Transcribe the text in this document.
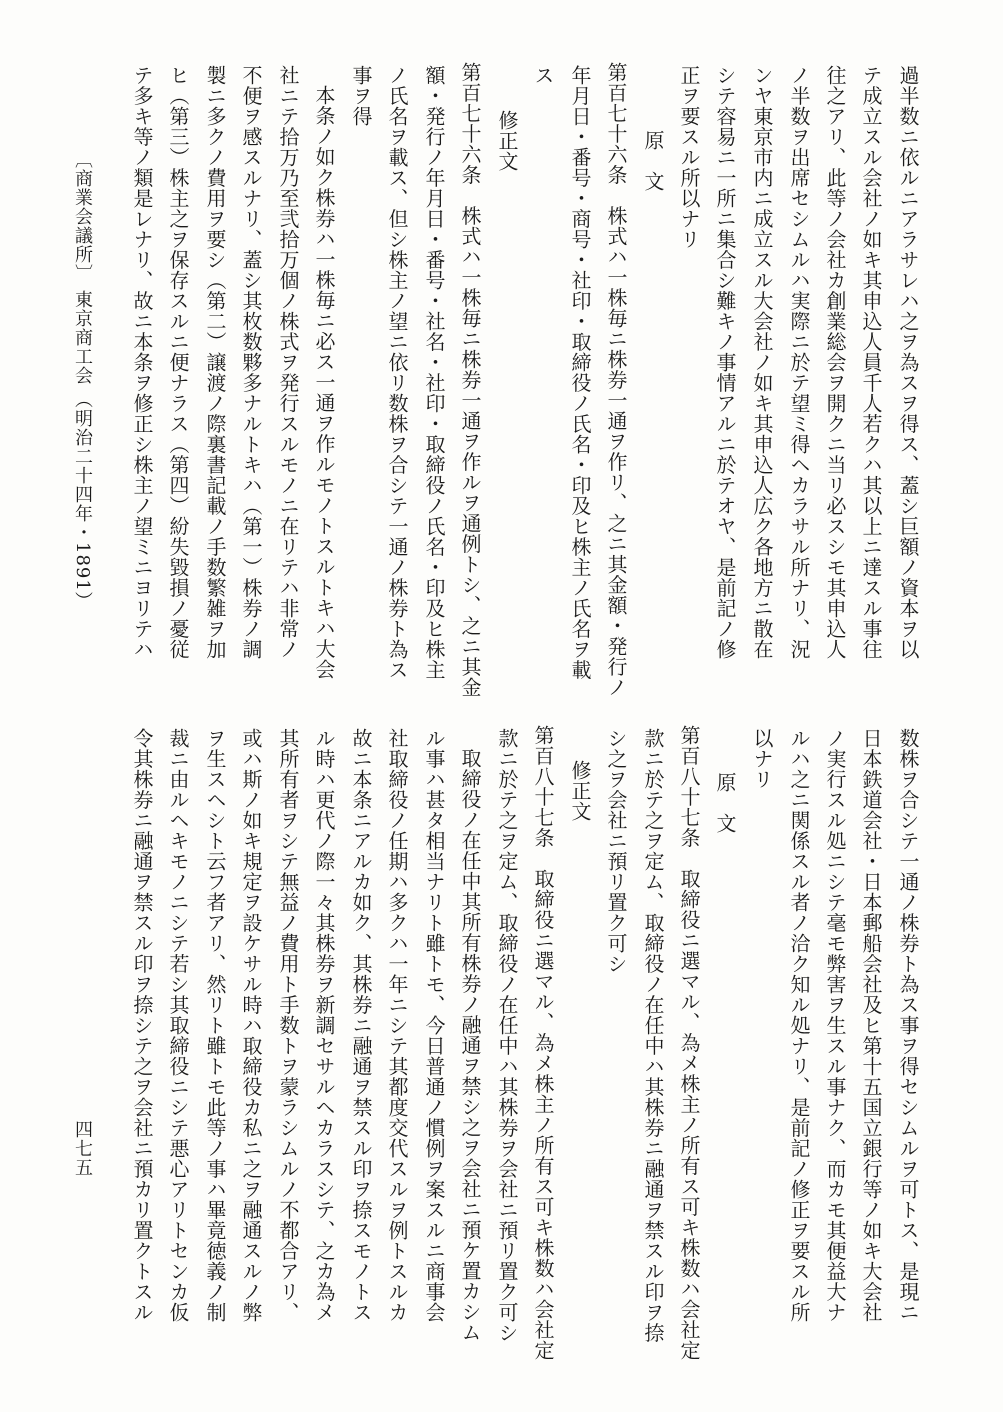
過半数ニ依ルニアラサレハ之ヲ為スヲ得ス、蓋シ巨額ノ資本ヲ以
テ成立スル会社ノ如キ其申込人員千人若クハ其以上ニ達スル事往
往之アリ、此等ノ会社カ創業総会ヲ開クニ当リ必スシモ其申込人
ノ半数ヲ出席セシムルハ実際ニ於テ望ミ得ヘカラサル所ナリ、況
ンヤ東京市内ニ成立スル大会社ノ如キ其申込人広ク各地方ニ散在
シテ容易ニ一所ニ集合シ難キノ事情アルニ於テオヤ、是前記ノ修
正ヲ要スル所以ナリ
原　文
第百七十六条　株式ハ一株毎ニ株券一通ヲ作リ、之ニ其金額・発行ノ
年月日・番号・商号・社印・取締役ノ氏名・印及ヒ株主ノ氏名ヲ載
ス
修正文
第百七十六条　株式ハ一株毎ニ株券一通ヲ作ルヲ通例トシ、之ニ其金
額・発行ノ年月日・番号・社名・社印・取締役ノ氏名・印及ヒ株主
ノ氏名ヲ載ス、但シ株主ノ望ニ依リ数株ヲ合シテ一通ノ株券ト為ス
事ヲ得
本条ノ如ク株券ハ一株毎ニ必ス一通ヲ作ルモノトスルトキハ大会
社ニテ拾万乃至弐拾万個ノ株式ヲ発行スルモノニ在リテハ非常ノ
不便ヲ感スルナリ、蓋シ其枚数夥多ナルトキハ（第一）株券ノ調
製ニ多クノ費用ヲ要シ（第二）譲渡ノ際裏書記載ノ手数繁雑ヲ加
ヒ（第三）株主之ヲ保存スルニ便ナラス（第四）紛失毀損ノ憂従
テ多キ等ノ類是レナリ、故ニ本条ヲ修正シ株主ノ望ミニヨリテハ
〔商業会議所〕
東京商工会
（明治二十四年・1891）
数株ヲ合シテ一通ノ株券ト為ス事ヲ得セシムルヲ可トス、是現ニ
日本鉄道会社・日本郵船会社及ヒ第十五国立銀行等ノ如キ大会社
ノ実行スル処ニシテ毫モ弊害ヲ生スル事ナク、而カモ其便益大ナ
ルハ之ニ関係スル者ノ洽ク知ル処ナリ、是前記ノ修正ヲ要スル所
以ナリ
原　文
第百八十七条　取締役ニ選マル、為メ株主ノ所有ス可キ株数ハ会社定
款ニ於テ之ヲ定ム、取締役ノ在任中ハ其株券ニ融通ヲ禁スル印ヲ捺
シ之ヲ会社ニ預リ置ク可シ
修正文
第百八十七条　取締役ニ選マル、為メ株主ノ所有ス可キ株数ハ会社定
款ニ於テ之ヲ定ム、取締役ノ在任中ハ其株券ヲ会社ニ預リ置ク可シ
取締役ノ在任中其所有株券ノ融通ヲ禁シ之ヲ会社ニ預ケ置カシム
ル事ハ甚タ相当ナリト雖トモ、今日普通ノ慣例ヲ案スルニ商事会
社取締役ノ任期ハ多クハ一年ニシテ其都度交代スルヲ例トスルカ
故ニ本条ニアルカ如ク、其株券ニ融通ヲ禁スル印ヲ捺スモノトス
ル時ハ更代ノ際一々其株券ヲ新調セサルヘカラスシテ、之カ為メ
其所有者ヲシテ無益ノ費用ト手数トヲ蒙ラシムルノ不都合アリ、
或ハ斯ノ如キ規定ヲ設ケサル時ハ取締役カ私ニ之ヲ融通スルノ弊
ヲ生スヘシト云フ者アリ、然リト雖トモ此等ノ事ハ畢竟徳義ノ制
裁ニ由ルヘキモノニシテ若シ其取締役ニシテ悪心アリトセンカ仮
令其株券ニ融通ヲ禁スル印ヲ捺シテ之ヲ会社ニ預カリ置クトスル
四七五
